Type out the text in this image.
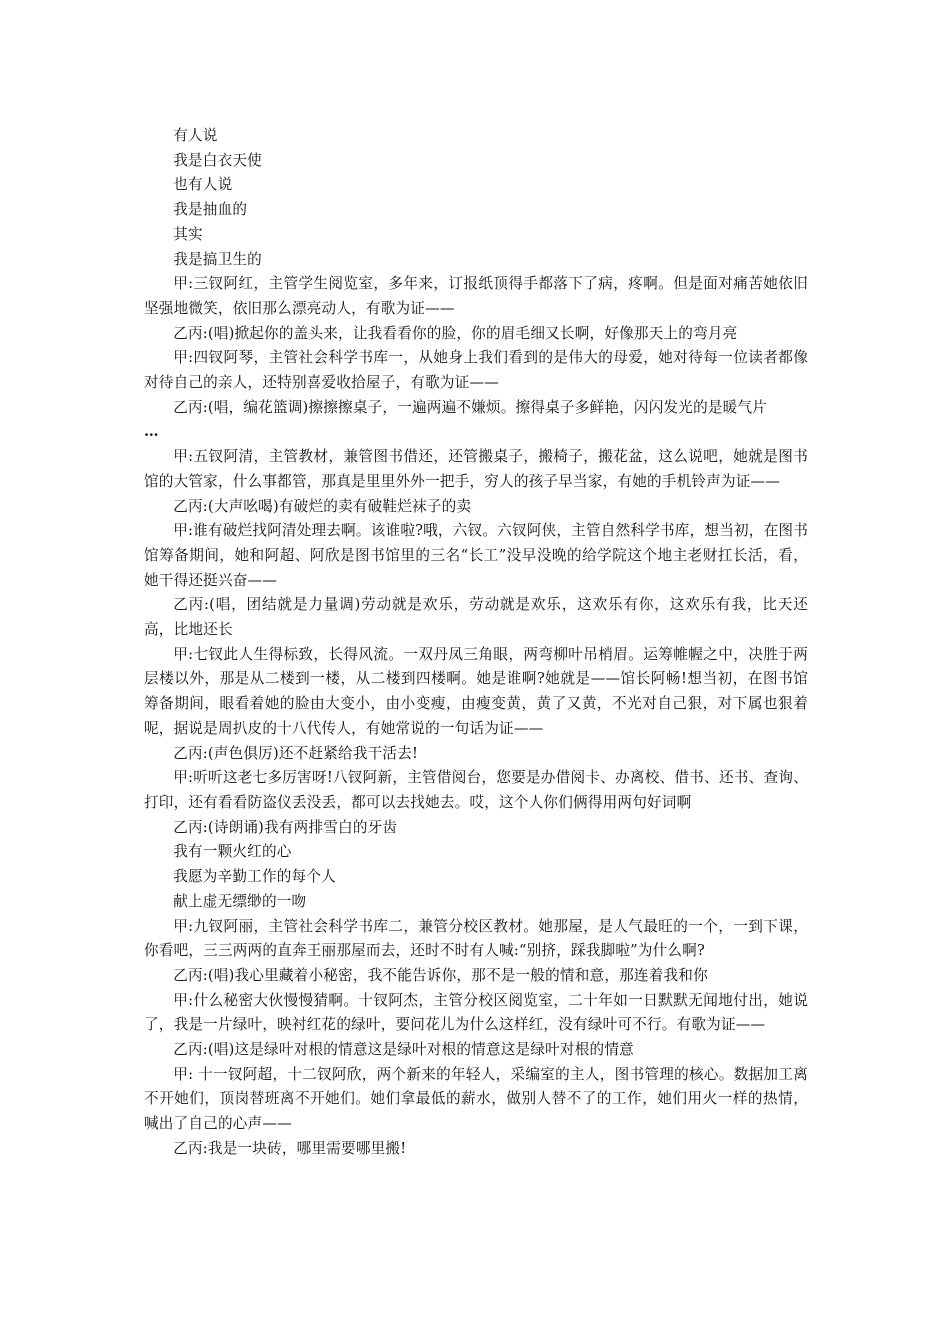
有人说

我是白衣天使

也有人说

我是抽血的

其实

我是搞卫生的

甲:三钗阿红，主管学生阅览室，多年来，订报纸顶得手都落下了病，疼啊。但是面对痛苦她依旧坚强地微笑，依旧那么漂亮动人，有歌为证——

乙丙:(唱)掀起你的盖头来，让我看看你的脸，你的眉毛细又长啊，好像那天上的弯月亮

甲:四钗阿琴，主管社会科学书库一，从她身上我们看到的是伟大的母爱，她对待每一位读者都像对待自己的亲人，还特别喜爱收拾屋子，有歌为证——

乙丙:(唱，编花篮调)擦擦擦桌子，一遍两遍不嫌烦。擦得桌子多鲜艳，闪闪发光的是暖气片

…

甲:五钗阿清，主管教材，兼管图书借还，还管搬桌子，搬椅子，搬花盆，这么说吧，她就是图书馆的大管家，什么事都管，那真是里里外外一把手，穷人的孩子早当家，有她的手机铃声为证——

乙丙:(大声吆喝)有破烂的卖有破鞋烂袜子的卖

甲:谁有破烂找阿清处理去啊。该谁啦?哦，六钗。六钗阿侠，主管自然科学书库，想当初，在图书馆筹备期间，她和阿超、阿欣是图书馆里的三名“长工”没早没晚的给学院这个地主老财扛长活，看，她干得还挺兴奋——

乙丙:(唱，团结就是力量调)劳动就是欢乐，劳动就是欢乐，这欢乐有你，这欢乐有我，比天还高，比地还长

甲:七钗此人生得标致，长得风流。一双丹凤三角眼，两弯柳叶吊梢眉。运筹帷幄之中，决胜于两层楼以外，那是从二楼到一楼，从二楼到四楼啊。她是谁啊?她就是——馆长阿畅!想当初，在图书馆筹备期间，眼看着她的脸由大变小，由小变瘦，由瘦变黄，黄了又黄，不光对自己狠，对下属也狠着呢，据说是周扒皮的十八代传人，有她常说的一句话为证——

乙丙:(声色俱厉)还不赶紧给我干活去!

甲:听听这老七多厉害呀!八钗阿新，主管借阅台，您要是办借阅卡、办离校、借书、还书、查询、打印，还有看看防盗仪丢没丢，都可以去找她去。哎，这个人你们俩得用两句好词啊

乙丙:(诗朗诵)我有两排雪白的牙齿

我有一颗火红的心

我愿为辛勤工作的每个人

献上虚无缥缈的一吻

甲:九钗阿丽，主管社会科学书库二，兼管分校区教材。她那屋，是人气最旺的一个，一到下课，你看吧，三三两两的直奔王丽那屋而去，还时不时有人喊:“别挤，踩我脚啦”为什么啊?

乙丙:(唱)我心里藏着小秘密，我不能告诉你，那不是一般的情和意，那连着我和你

甲:什么秘密大伙慢慢猜啊。十钗阿杰，主管分校区阅览室，二十年如一日默默无闻地付出，她说了，我是一片绿叶，映衬红花的绿叶，要问花儿为什么这样红，没有绿叶可不行。有歌为证——

乙丙:(唱)这是绿叶对根的情意这是绿叶对根的情意这是绿叶对根的情意

甲: 十一钗阿超，十二钗阿欣，两个新来的年轻人，采编室的主人，图书管理的核心。数据加工离不开她们，顶岗替班离不开她们。她们拿最低的薪水，做别人替不了的工作，她们用火一样的热情，喊出了自己的心声——

乙丙:我是一块砖，哪里需要哪里搬!
